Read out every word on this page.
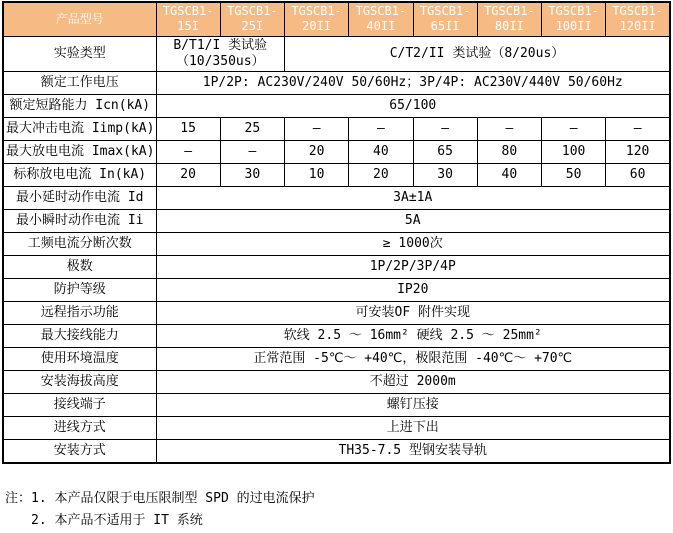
产品型号	TGSCB1-15I	TGSCB1-25I	TGSCB1-20II	TGSCB1-40II	TGSCB1-65II	TGSCB1-80II	TGSCB1-100II	TGSCB1-120II
实验类型	B/T1/I 类试验（10/350us）		C/T2/II 类试验（8/20us）					
额定工作电压	1P/2P: AC230V/240V 50/60Hz；3P/4P: AC230V/440V 50/60Hz							
额定短路能力 Icn(kA)	65/100							
最大冲击电流 Iimp(kA)	15	25	–	–	–	–	–	–
最大放电电流 Imax(kA)	–	–	20	40	65	80	100	120
标称放电电流 In(kA)	20	30	10	20	30	40	50	60
最小延时动作电流 Id	3A±1A							
最小瞬时动作电流 Ii	5A							
工频电流分断次数	≥ 1000次							
极数	1P/2P/3P/4P							
防护等级	IP20							
远程指示功能	可安装OF 附件实现							
最大接线能力	软线 2.5 ～ 16mm² 硬线 2.5 ～ 25mm²							
使用环境温度	正常范围 -5℃～ +40℃，极限范围 -40℃～ +70℃							
安装海拔高度	不超过 2000m							
接线端子	螺钉压接							
进线方式	上进下出							
安装方式	TH35-7.5 型钢安装导轨							
注：1. 本产品仅限于电压限制型 SPD 的过电流保护
2. 本产品不适用于 IT 系统
